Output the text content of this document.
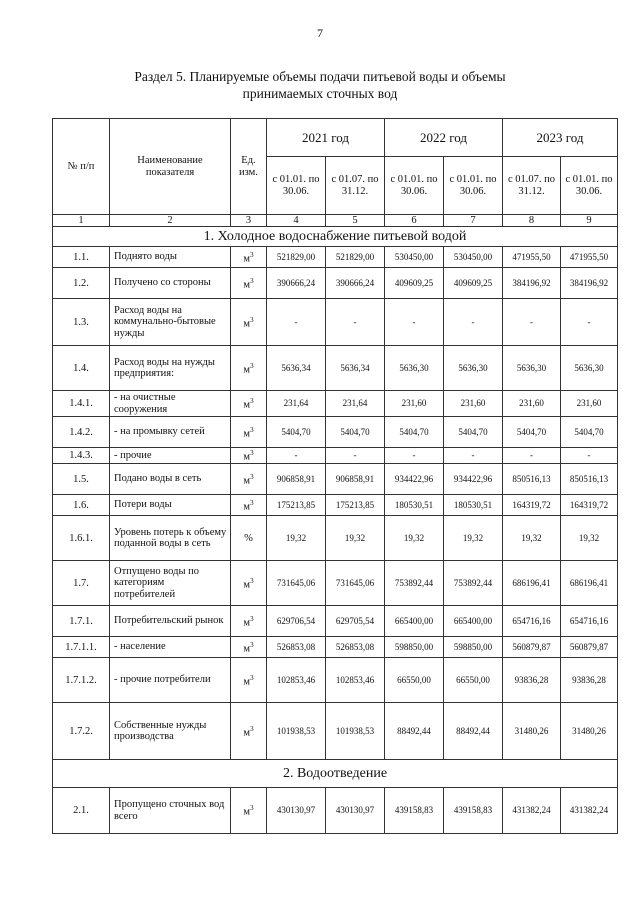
7
Раздел 5. Планируемые объемы подачи питьевой воды и объемы
принимаемых сточных вод
№ п/п	Наименование показателя	Ед. изм.	2021 год		2022 год		2023 год	
			с 01.01. по 30.06.	с 01.07. по 31.12.	с 01.01. по 30.06.	с 01.01. по 30.06.	с 01.07. по 31.12.	с 01.01. по 30.06.
1	2	3	4	5	6	7	8	9
1. Холодное водоснабжение питьевой водой								
1.1.	Поднято воды	$м^3$	521829,00	521829,00	530450,00	530450,00	471955,50	471955,50
1.2.	Получено со стороны	$м^3$	390666,24	390666,24	409609,25	409609,25	384196,92	384196,92
1.3.	Расход воды на коммунально-бытовые нужды	$м^3$	-	-	-	-	-	-
1.4.	Расход воды на нужды предприятия:	$м^3$	5636,34	5636,34	5636,30	5636,30	5636,30	5636,30
1.4.1.	- на очистные сооружения	$м^3$	231,64	231,64	231,60	231,60	231,60	231,60
1.4.2.	- на промывку сетей	$м^3$	5404,70	5404,70	5404,70	5404,70	5404,70	5404,70
1.4.3.	- прочие	$м^3$	-	-	-	-	-	-
1.5.	Подано воды в сеть	$м^3$	906858,91	906858,91	934422,96	934422,96	850516,13	850516,13
1.6.	Потери воды	$м^3$	175213,85	175213,85	180530,51	180530,51	164319,72	164319,72
1.6.1.	Уровень потерь к объему поданной воды в сеть	%	19,32	19,32	19,32	19,32	19,32	19,32
1.7.	Отпущено воды по категориям потребителей	$м^3$	731645,06	731645,06	753892,44	753892,44	686196,41	686196,41
1.7.1.	Потребительский рынок	$м^3$	629706,54	629705,54	665400,00	665400,00	654716,16	654716,16
1.7.1.1.	- население	$м^3$	526853,08	526853,08	598850,00	598850,00	560879,87	560879,87
1.7.1.2.	- прочие потребители	$м^3$	102853,46	102853,46	66550,00	66550,00	93836,28	93836,28
1.7.2.	Собственные нужды производства	$м^3$	101938,53	101938,53	88492,44	88492,44	31480,26	31480,26
2. Водоотведение								
2.1.	Пропущено сточных вод всего	$м^3$	430130,97	430130,97	439158,83	439158,83	431382,24	431382,24
